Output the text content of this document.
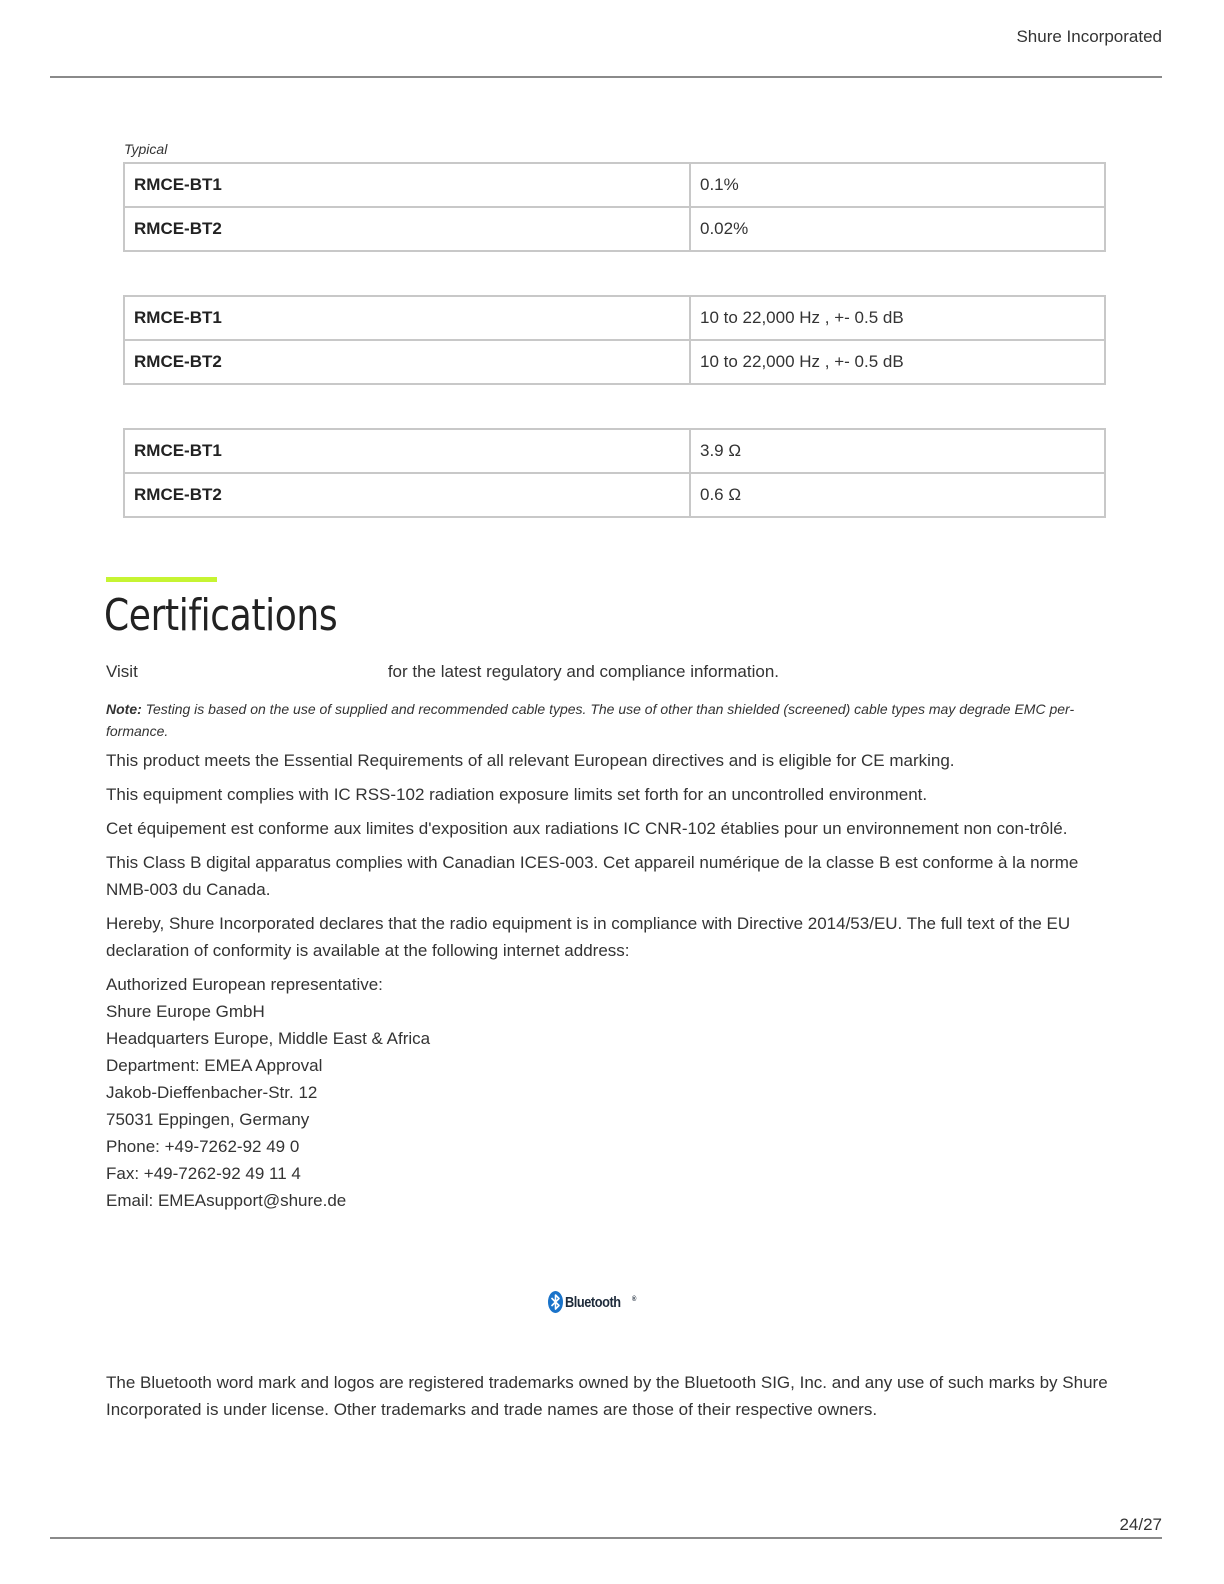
Shure Incorporated
Typical
RMCE-BT1	0.1%
RMCE-BT2	0.02%
RMCE-BT1	10 to 22,000 Hz , +- 0.5 dB
RMCE-BT2	10 to 22,000 Hz , +- 0.5 dB
RMCE-BT1	3.9 Ω
RMCE-BT2	0.6 Ω
Certifications
Visit	for the latest regulatory and compliance information.

Note: Testing is based on the use of supplied and recommended cable types. The use of other than shielded (screened) cable types may degrade EMC per-formance.

This product meets the Essential Requirements of all relevant European directives and is eligible for CE marking.

This equipment complies with IC RSS-102 radiation exposure limits set forth for an uncontrolled environment.

Cet équipement est conforme aux limites d'exposition aux radiations IC CNR-102 établies pour un environnement non con-trôlé.

This Class B digital apparatus complies with Canadian ICES-003. Cet appareil numérique de la classe B est conforme à la norme NMB-003 du Canada.

Hereby, Shure Incorporated declares that the radio equipment is in compliance with Directive 2014/53/EU. The full text of the EU declaration of conformity is available at the following internet address:

Authorized European representative:
Shure Europe GmbH
Headquarters Europe, Middle East & Africa
Department: EMEA Approval
Jakob-Dieffenbacher-Str. 12
75031 Eppingen, Germany
Phone: +49-7262-92 49 0
Fax: +49-7262-92 49 11 4
Email: EMEAsupport@shure.de
Bluetooth ®

The Bluetooth word mark and logos are registered trademarks owned by the Bluetooth SIG, Inc. and any use of such marks by Shure Incorporated is under license. Other trademarks and trade names are those of their respective owners.

24/27
